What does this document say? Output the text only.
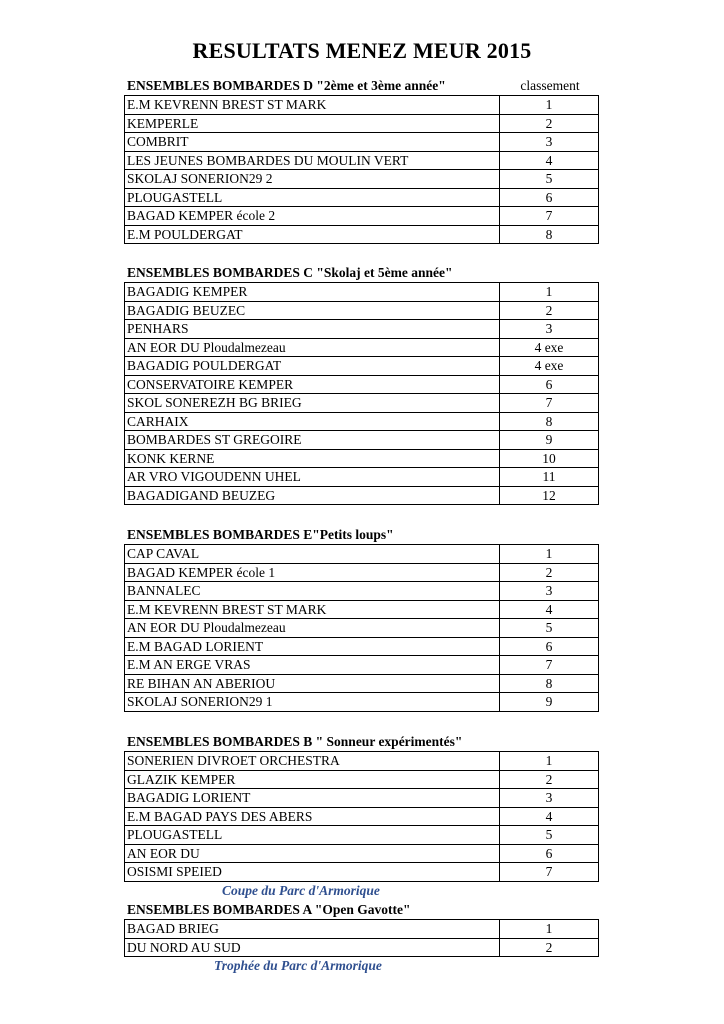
RESULTATS MENEZ MEUR 2015
ENSEMBLES BOMBARDES D "2ème et 3ème année"	classement
E.M KEVRENN BREST ST MARK	1
KEMPERLE	2
COMBRIT	3
LES JEUNES BOMBARDES DU MOULIN VERT	4
SKOLAJ SONERION29 2	5
PLOUGASTELL	6
BAGAD KEMPER école 2	7
E.M POULDERGAT	8
ENSEMBLES BOMBARDES C "Skolaj et 5ème année"
BAGADIG KEMPER	1
BAGADIG BEUZEC	2
PENHARS	3
AN EOR DU Ploudalmezeau	4 exe
BAGADIG POULDERGAT	4 exe
CONSERVATOIRE KEMPER	6
SKOL SONEREZH BG BRIEG	7
CARHAIX	8
BOMBARDES ST GREGOIRE	9
KONK KERNE	10
AR VRO VIGOUDENN UHEL	11
BAGADIGAND BEUZEG	12
ENSEMBLES BOMBARDES E"Petits loups"
CAP CAVAL	1
BAGAD KEMPER école 1	2
BANNALEC	3
E.M KEVRENN BREST ST MARK	4
AN EOR DU Ploudalmezeau	5
E.M BAGAD LORIENT	6
E.M AN ERGE VRAS	7
RE BIHAN AN ABERIOU	8
SKOLAJ SONERION29 1	9
ENSEMBLES BOMBARDES B " Sonneur expérimentés"
SONERIEN DIVROET ORCHESTRA	1
GLAZIK KEMPER	2
BAGADIG LORIENT	3
E.M BAGAD PAYS DES ABERS	4
PLOUGASTELL	5
AN EOR DU	6
OSISMI SPEIED	7
Coupe du Parc d'Armorique
ENSEMBLES BOMBARDES A "Open Gavotte"
BAGAD BRIEG	1
DU NORD AU SUD	2
Trophée du Parc d'Armorique
